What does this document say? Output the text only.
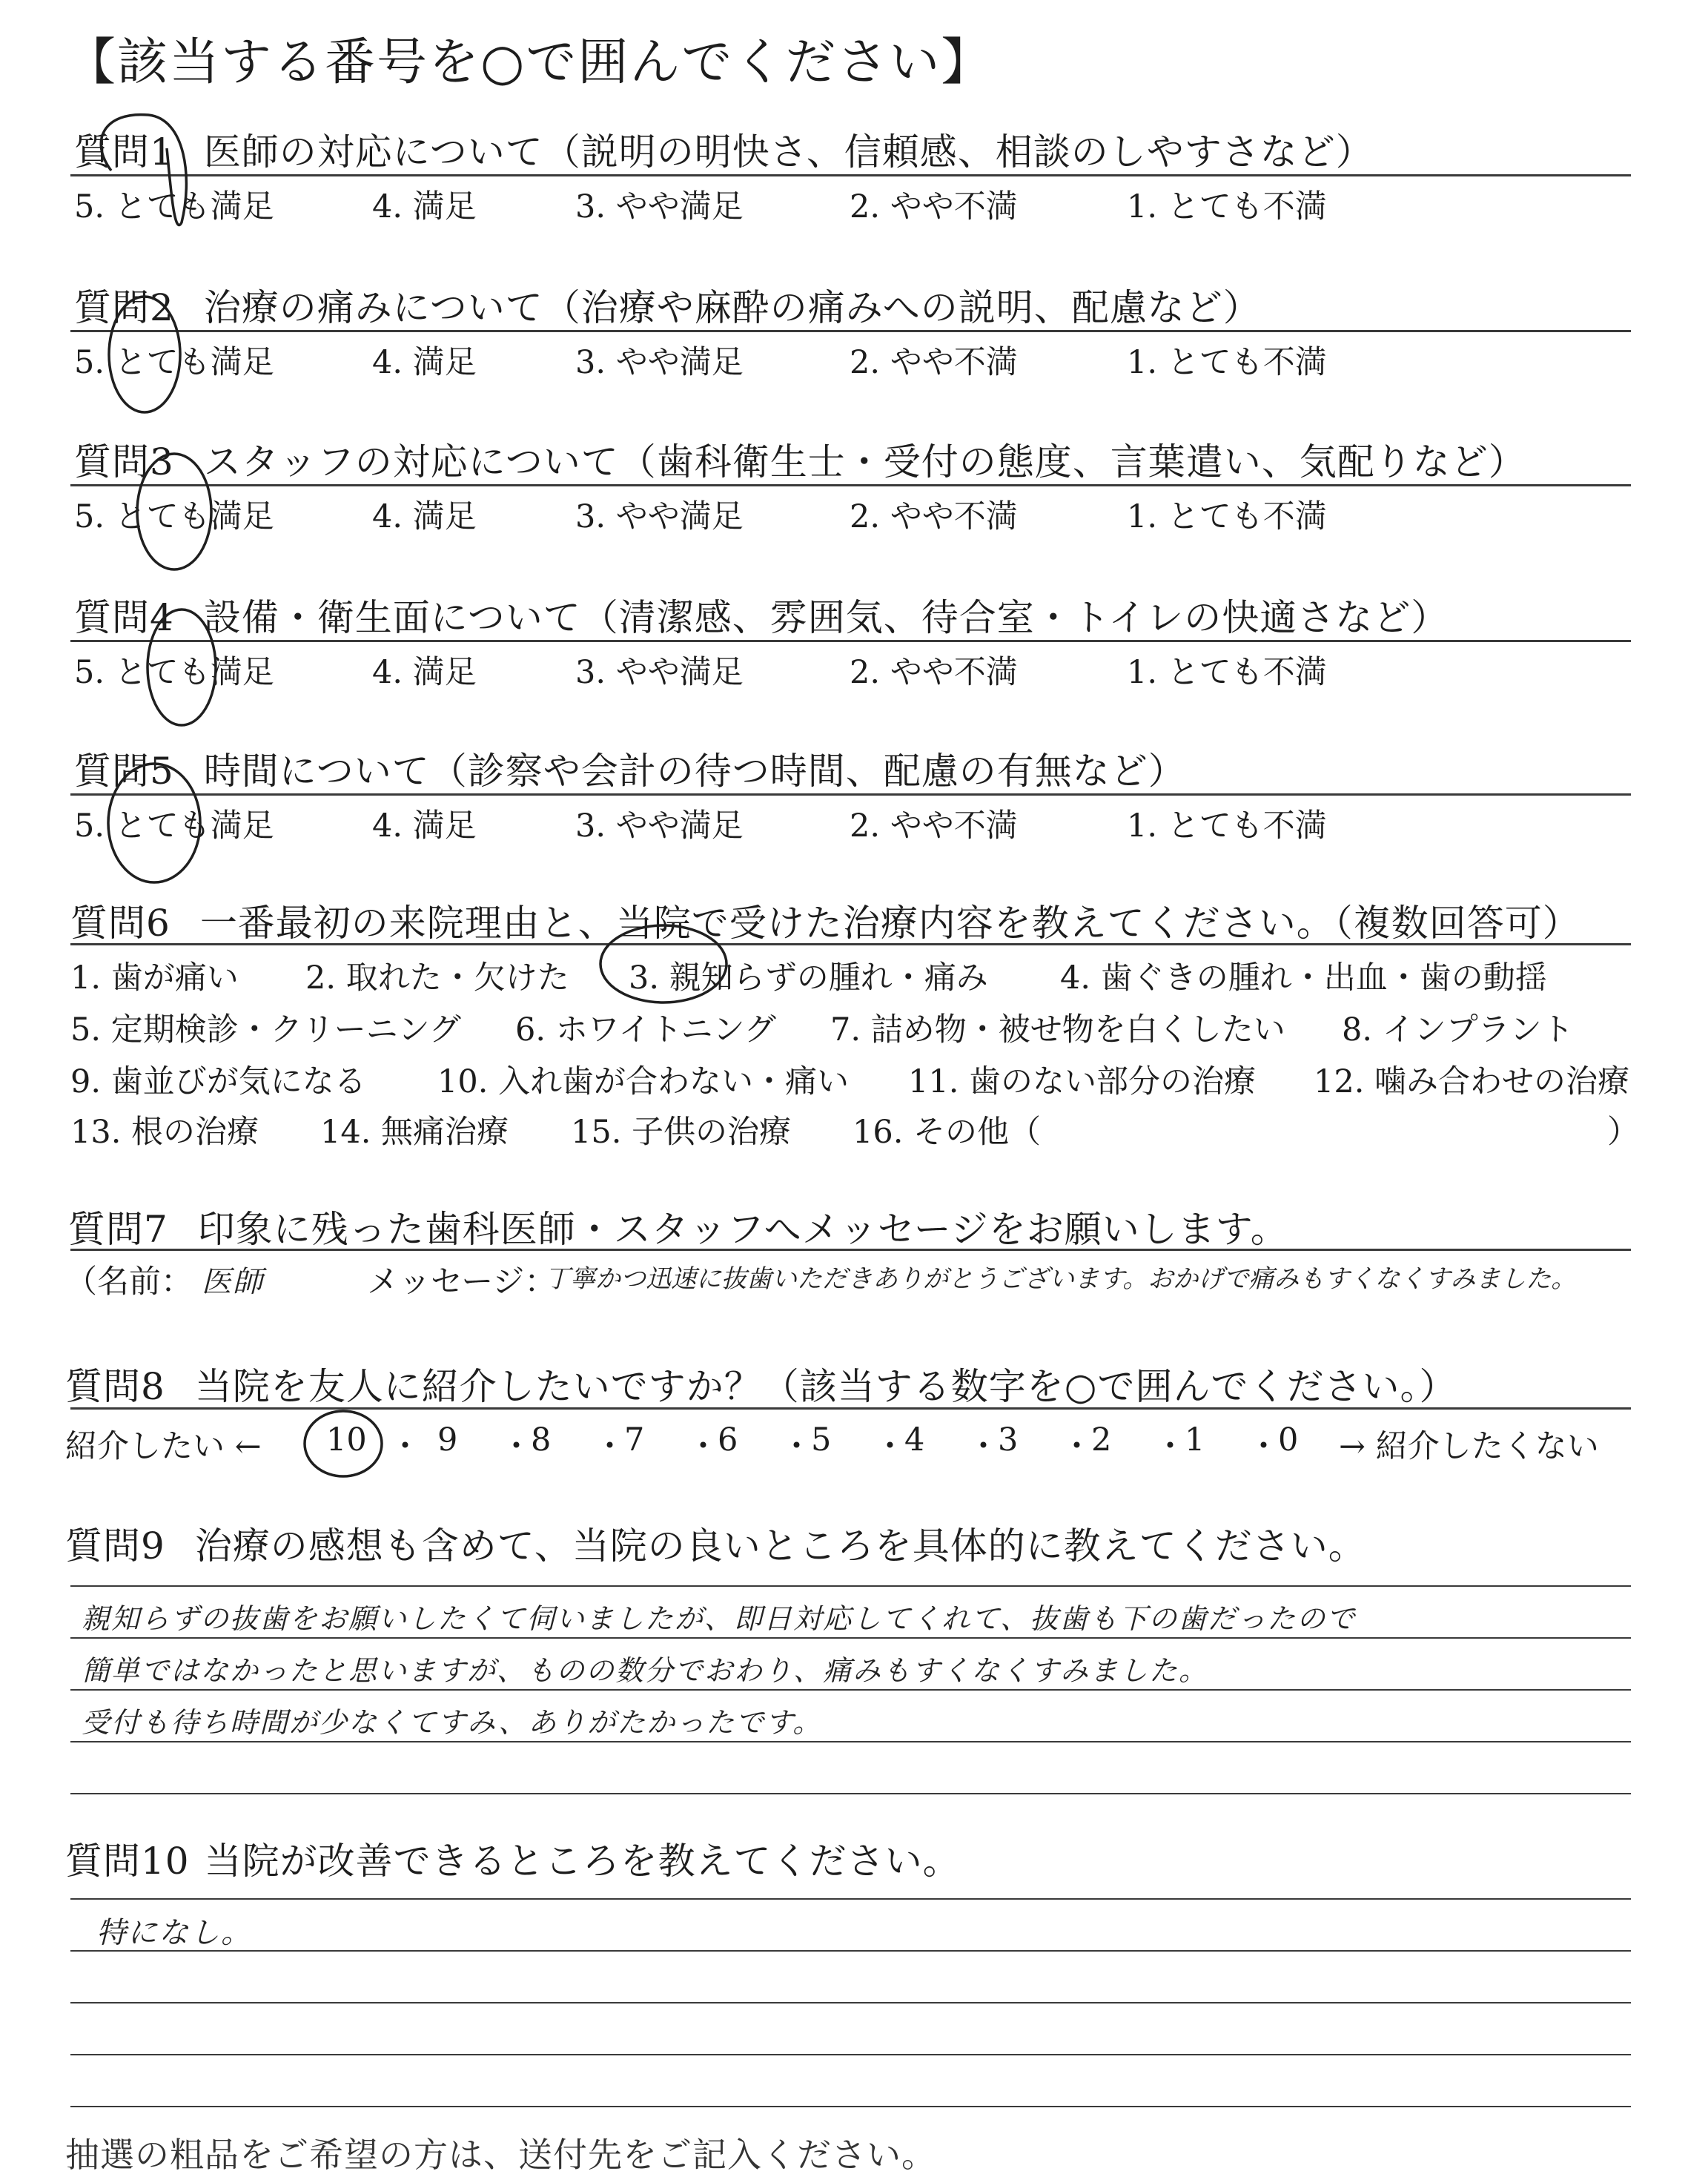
【該当する番号を○で囲んでください】
質問1 医師の対応について（説明の明快さ、信頼感、相談のしやすさなど）
5. とても満足	4. 満足	3. やや満足	2. やや不満	1. とても不満
質問2 治療の痛みについて（治療や麻酔の痛みへの説明、配慮など）
5. とても満足	4. 満足	3. やや満足	2. やや不満	1. とても不満
質問3 スタッフの対応について（歯科衛生士・受付の態度、言葉遣い、気配りなど）
5. とても満足	4. 満足	3. やや満足	2. やや不満	1. とても不満
質問4 設備・衛生面について（清潔感、雰囲気、待合室・トイレの快適さなど）
5. とても満足	4. 満足	3. やや満足	2. やや不満	1. とても不満
質問5 時間について（診察や会計の待つ時間、配慮の有無など）
5. とても満足	4. 満足	3. やや満足	2. やや不満	1. とても不満
質問6 一番最初の来院理由と、当院で受けた治療内容を教えてください。（複数回答可）
1. 歯が痛い 2. 取れた・欠けた 3. 親知らずの腫れ・痛み 4. 歯ぐきの腫れ・出血・歯の動揺
5. 定期検診・クリーニング 6. ホワイトニング 7. 詰め物・被せ物を白くしたい 8. インプラント
9. 歯並びが気になる 10. 入れ歯が合わない・痛い 11. 歯のない部分の治療 12. 噛み合わせの治療
13. 根の治療 14. 無痛治療 15. 子供の治療 16. その他（	）
質問7 印象に残った歯科医師・スタッフへメッセージをお願いします。
（名前： 医師	メッセージ：
丁寧かつ迅速に抜歯いただきありがとうございます。おかげで痛みもすくなくすみました。
質問8 当院を友人に紹介したいですか？（該当する数字を○で囲んでください。）
紹介したい ← 10 ・ 9 ・
8 ・
7 ・
6 ・
5 ・
4 ・
3 ・
2 ・
1 ・
0 → 紹介したくない
質問9 治療の感想も含めて、当院の良いところを具体的に教えてください。
親知らずの抜歯をお願いしたくて伺いましたが、即日対応してくれて、抜歯も下の歯だったので
簡単ではなかったと思いますが、ものの数分でおわり、痛みもすくなくすみました。
受付も待ち時間が少なくてすみ、ありがたかったです。
質問10 当院が改善できるところを教えてください。
特になし。
抽選の粗品をご希望の方は、送付先をご記入ください。
